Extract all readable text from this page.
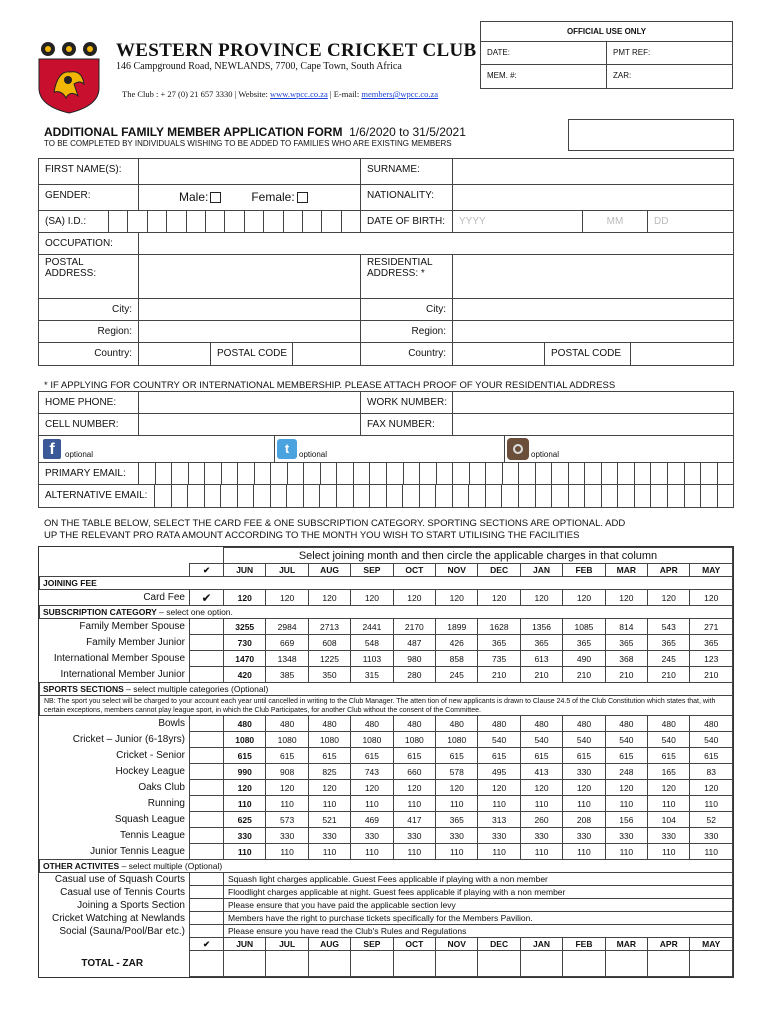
OFFICIAL USE ONLY
DATE:	PMT REF:
MEM. #:	ZAR:
WESTERN PROVINCE CRICKET CLUB
146 Campground Road, NEWLANDS, 7700, Cape Town, South Africa
The Club : + 27 (0) 21 657 3330 | Website: www.wpcc.co.za | E-mail: members@wpcc.co.za
ADDITIONAL FAMILY MEMBER APPLICATION FORM 1/6/2020 to 31/5/2021
TO BE COMPLETED BY INDIVIDUALS WISHING TO BE ADDED TO FAMILIES WHO ARE EXISTING MEMBERS
FIRST NAME(S):	SURNAME:
GENDER:	Male:	Female:	NATIONALITY:
(SA) I.D.:	DATE OF BIRTH:	YYYY	MM	DD
OCCUPATION:
POSTAL
ADDRESS:
RESIDENTIAL
ADDRESS: *
City:	City:
Region:	Region:
Country:	POSTAL CODE	Country:	POSTAL CODE
* IF APPLYING FOR COUNTRY OR INTERNATIONAL MEMBERSHIP. PLEASE ATTACH PROOF OF YOUR RESIDENTIAL ADDRESS
HOME PHONE:	WORK NUMBER:
CELL NUMBER:	FAX NUMBER:
f	optional	t	optional	optional
PRIMARY EMAIL:
ALTERNATIVE EMAIL:
ON THE TABLE BELOW, SELECT THE CARD FEE & ONE SUBSCRIPTION CATEGORY. SPORTING SECTIONS ARE OPTIONAL. ADD
UP THE RELEVANT PRO RATA AMOUNT ACCORDING TO THE MONTH YOU WISH TO START UTILISING THE FACILITIES
		Select joining month and then circle the applicable charges in that column											
	✔	JUN	JUL	AUG	SEP	OCT	NOV	DEC	JAN	FEB	MAR	APR	MAY
JOINING FEE													
Card Fee	✔	120	120	120	120	120	120	120	120	120	120	120	120
SUBSCRIPTION CATEGORY – select one option.													
Family Member Spouse		3255	2984	2713	2441	2170	1899	1628	1356	1085	814	543	271
Family Member Junior		730	669	608	548	487	426	365	365	365	365	365	365
International Member Spouse		1470	1348	1225	1103	980	858	735	613	490	368	245	123
International Member Junior		420	385	350	315	280	245	210	210	210	210	210	210
SPORTS SECTIONS – select multiple categories (Optional)													
NB: The sport you select will be charged to your account each year until cancelled in writing to the Club Manager. The atten tion of new applicants is drawn to Clause 24.5 of the Club Constitution which states that, with certain exceptions, members cannot play league sport, in which the Club Participates, for another Club without the consent of the Committee.													
Bowls		480	480	480	480	480	480	480	480	480	480	480	480
Cricket – Junior (6-18yrs)		1080	1080	1080	1080	1080	1080	540	540	540	540	540	540
Cricket - Senior		615	615	615	615	615	615	615	615	615	615	615	615
Hockey League		990	908	825	743	660	578	495	413	330	248	165	83
Oaks Club		120	120	120	120	120	120	120	120	120	120	120	120
Running		110	110	110	110	110	110	110	110	110	110	110	110
Squash League		625	573	521	469	417	365	313	260	208	156	104	52
Tennis League		330	330	330	330	330	330	330	330	330	330	330	330
Junior Tennis League		110	110	110	110	110	110	110	110	110	110	110	110
OTHER ACTIVITES – select multiple (Optional)													
Casual use of Squash Courts		Squash light charges applicable. Guest Fees applicable if playing with a non member											
Casual use of Tennis Courts		Floodlight charges applicable at night. Guest fees applicable if playing with a non member											
Joining a Sports Section		Please ensure that you have paid the applicable section levy											
Cricket Watching at Newlands		Members have the right to purchase tickets specifically for the Members Pavilion.											
Social (Sauna/Pool/Bar etc.)		Please ensure you have read the Club's Rules and Regulations											
	✔	JUN	JUL	AUG	SEP	OCT	NOV	DEC	JAN	FEB	MAR	APR	MAY
TOTAL - ZAR													
